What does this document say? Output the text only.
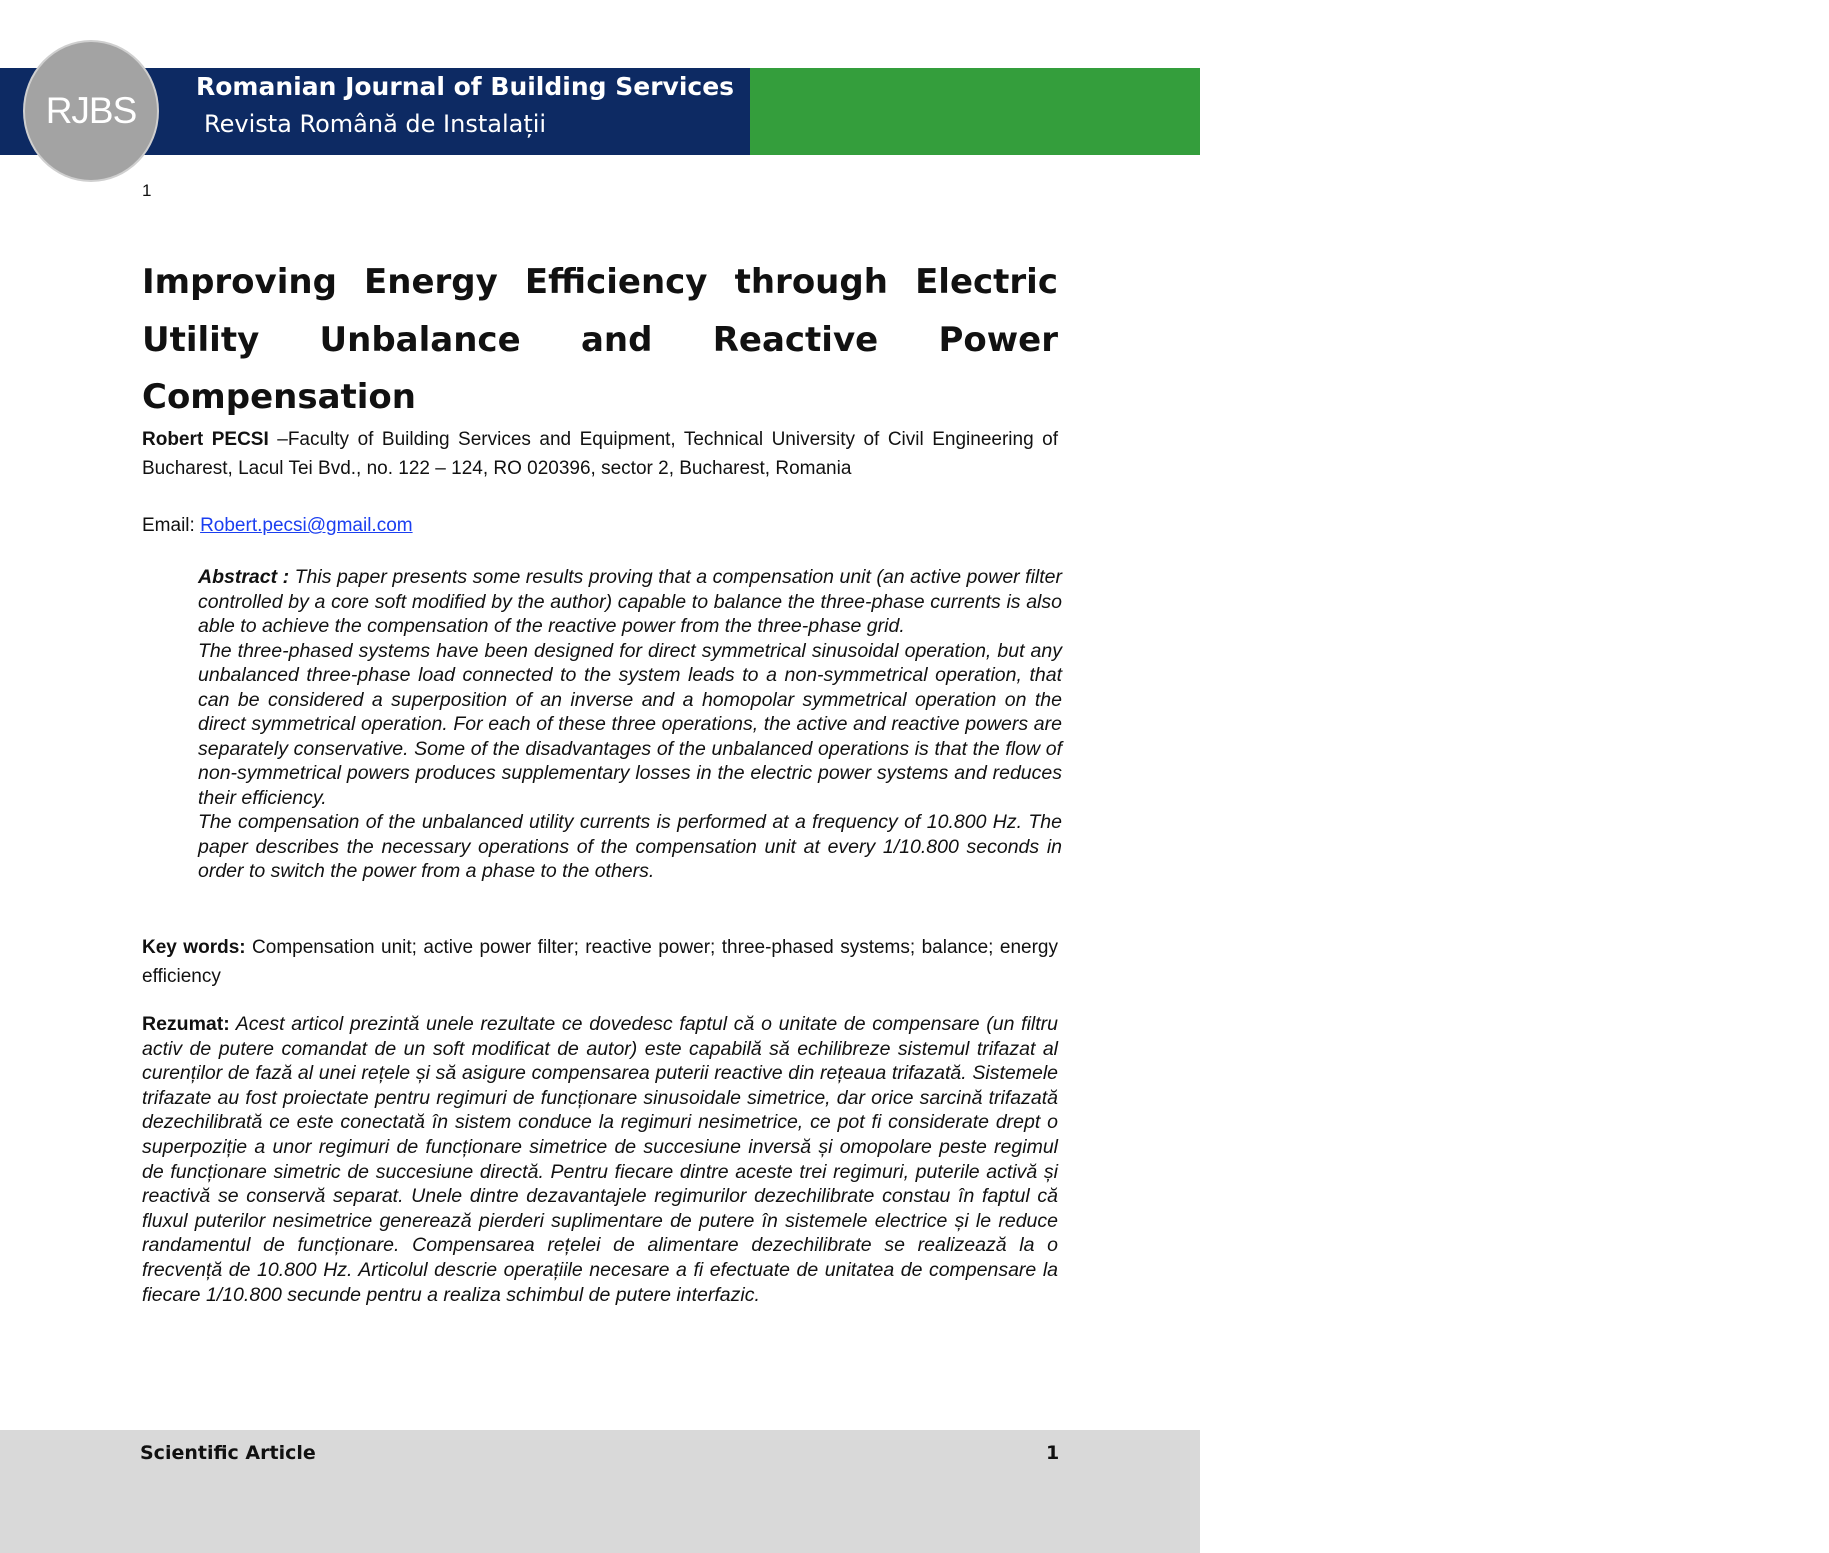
Romanian Journal of Building Services
Revista Română de Instalații
Volume 1 / No. 3 / 2015 / www.rjbs.ro
RJBS
1
Improving Energy Efficiency through Electric Utility Unbalance and Reactive Power Compensation
Robert PECSI –Faculty of Building Services and Equipment, Technical University of Civil Engineering of Bucharest, Lacul Tei Bvd., no. 122 – 124, RO 020396, sector 2, Bucharest, Romania
Email: Robert.pecsi@gmail.com

Abstract : This paper presents some results proving that a compensation unit (an active power filter controlled by a core soft modified by the author) capable to balance the three-phase currents is also able to achieve the compensation of the reactive power from the three-phase grid.

The three-phased systems have been designed for direct symmetrical sinusoidal operation, but any unbalanced three-phase load connected to the system leads to a non-symmetrical operation, that can be considered a superposition of an inverse and a homopolar symmetrical operation on the direct symmetrical operation. For each of these three operations, the active and reactive powers are separately conservative. Some of the disadvantages of the unbalanced operations is that the flow of non-symmetrical powers produces supplementary losses in the electric power systems and reduces their efficiency.

The compensation of the unbalanced utility currents is performed at a frequency of 10.800 Hz. The paper describes the necessary operations of the compensation unit at every 1/10.800 seconds in order to switch the power from a phase to the others.

Key words: Compensation unit; active power filter; reactive power; three-phased systems; balance; energy efficiency
Rezumat: Acest articol prezintă unele rezultate ce dovedesc faptul că o unitate de compensare (un filtru activ de putere comandat de un soft modificat de autor) este capabilă să echilibreze sistemul trifazat al curenților de fază al unei rețele și să asigure compensarea puterii reactive din rețeaua trifazată. Sistemele trifazate au fost proiectate pentru regimuri de funcționare sinusoidale simetrice, dar orice sarcină trifazată dezechilibrată ce este conectată în sistem conduce la regimuri nesimetrice, ce pot fi considerate drept o superpoziție a unor regimuri de funcționare simetrice de succesiune inversă și omopolare peste regimul de funcționare simetric de succesiune directă. Pentru fiecare dintre aceste trei regimuri, puterile activă și reactivă se conservă separat. Unele dintre dezavantajele regimurilor dezechilibrate constau în faptul că fluxul puterilor nesimetrice generează pierderi suplimentare de putere în sistemele electrice și le reduce randamentul de funcționare. Compensarea rețelei de alimentare dezechilibrate se realizează la o frecvență de 10.800 Hz. Articolul descrie operațiile necesare a fi efectuate de unitatea de compensare la fiecare 1/10.800 secunde pentru a realiza schimbul de putere interfazic.
Scientific Article	1
